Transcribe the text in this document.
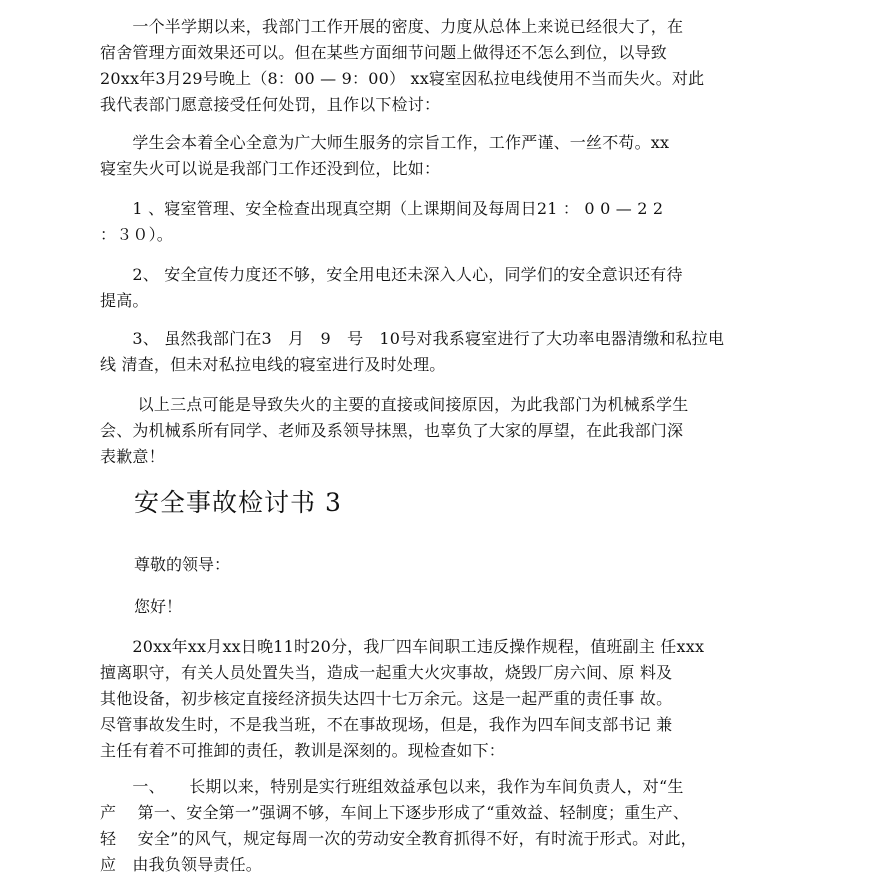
　　一个半学期以来，我部门工作开展的密度、力度从总体上来说已经很大了，在
宿舍管理方面效果还可以。但在某些方面细节问题上做得还不怎么到位，以导致
20xx年3月29号晚上（8：00 — 9：00） xx寝室因私拉电线使用不当而失火。对此
我代表部门愿意接受任何处罚，且作以下检讨：
　　学生会本着全心全意为广大师生服务的宗旨工作，工作严谨、一丝不苟。xx
寝室失火可以说是我部门工作还没到位，比如：
　　1 、寝室管理、安全检查出现真空期（上课期间及每周日21 ： 0 0 — 2 2
：３０）。
　　2、 安全宣传力度还不够，安全用电还未深入人心，同学们的安全意识还有待
提高。
　　3、 虽然我部门在3　月　9　号　10号对我系寝室进行了大功率电器清缴和私拉电
线 清查，但未对私拉电线的寝室进行及时处理。
　　 以上三点可能是导致失火的主要的直接或间接原因，为此我部门为机械系学生
会、为机械系所有同学、老师及系领导抹黑，也辜负了大家的厚望，在此我部门深
表歉意！
安全事故检讨书 3

尊敬的领导：

您好！

　　20xx年xx月xx日晚11时20分，我厂四车间职工违反操作规程，值班副主 任xxx
擅离职守，有关人员处置失当，造成一起重大火灾事故，烧毁厂房六间、原 料及
其他设备，初步核定直接经济损失达四十七万余元。这是一起严重的责任事 故。
尽管事故发生时，不是我当班，不在事故现场，但是，我作为四车间支部书记 兼
主任有着不可推卸的责任，教训是深刻的。现检查如下：
　　一、　　长期以来，特别是实行班组效益承包以来，我作为车间负责人，对“生
产　 第一、安全第一”强调不够，车间上下逐步形成了“重效益、轻制度；重生产、
轻　 安全”的风气，规定每周一次的劳动安全教育抓得不好，有时流于形式。对此，
应　由我负领导责任。
